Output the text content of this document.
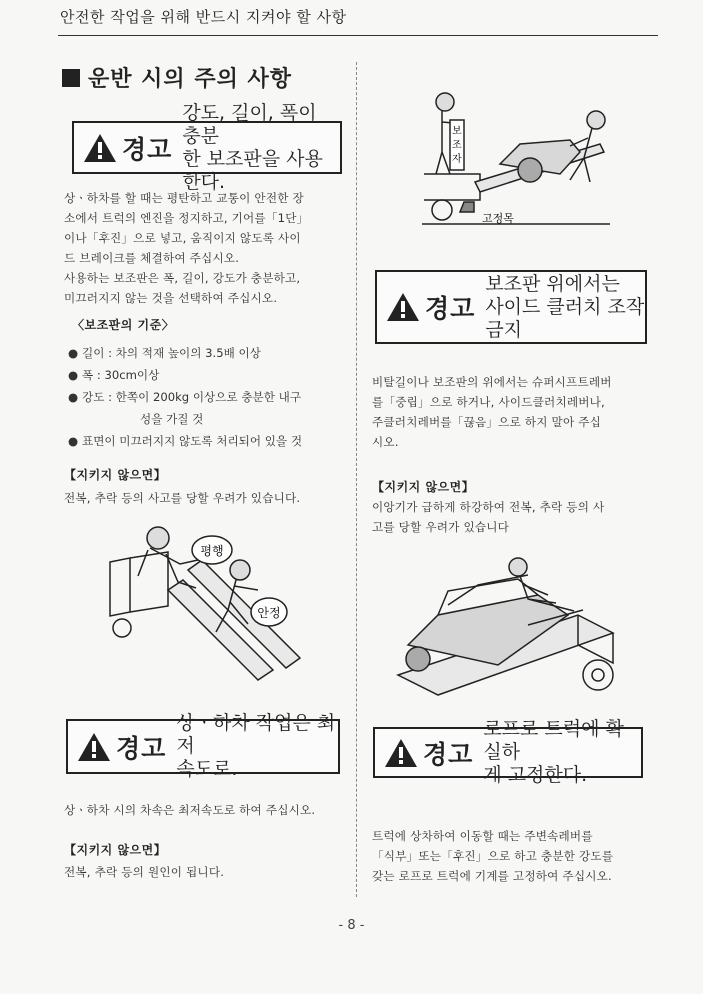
안전한 작업을 위해 반드시 지켜야 할 사항
운반 시의 주의 사항
경고
강도, 길이, 폭이 충분
한 보조판을 사용한다.

상ㆍ하차를 할 때는 평탄하고 교통이 안전한 장

소에서 트럭의 엔진을 정지하고, 기어를「1단」

이나「후진」으로 넣고, 움직이지 않도록 사이

드 브레이크를 체결하여 주십시오.

사용하는 보조판은 폭, 길이, 강도가 충분하고,

미끄러지지 않는 것을 선택하여 주십시오.

〈보조판의 기준〉
● 길이 : 차의 적재 높이의 3.5배 이상
● 폭 : 30cm이상
● 강도 : 한쪽이 200kg 이상으로 충분한 내구
성을 가질 것
● 표면이 미끄러지지 않도록 처리되어 있을 것
【지키지 않으면】
전복, 추락 등의 사고를 당할 우려가 있습니다.
평행
안정
경고
상ㆍ하차 작업은 최저
속도로.
상ㆍ하차 시의 차속은 최저속도로 하여 주십시오.
【지키지 않으면】
전복, 추락 등의 원인이 됩니다.
보 조 자
고정목
경고
보조판 위에서는
사이드 클러치 조작
금지

비탈길이나 보조판의 위에서는 슈퍼시프트레버

를「중립」으로 하거나, 사이드클러치레버나,

주클러치레버를「끊음」으로 하지 말아 주십

시오.

【지키지 않으면】

이앙기가 급하게 하강하여 전복, 추락 등의 사

고를 당할 우려가 있습니다

경고
로프로 트럭에 확실하
게 고정한다.

트럭에 상차하여 이동할 때는 주변속레버를

「식부」또는「후진」으로 하고 충분한 강도를

갖는 로프로 트럭에 기계를 고정하여 주십시오.

- 8 -
